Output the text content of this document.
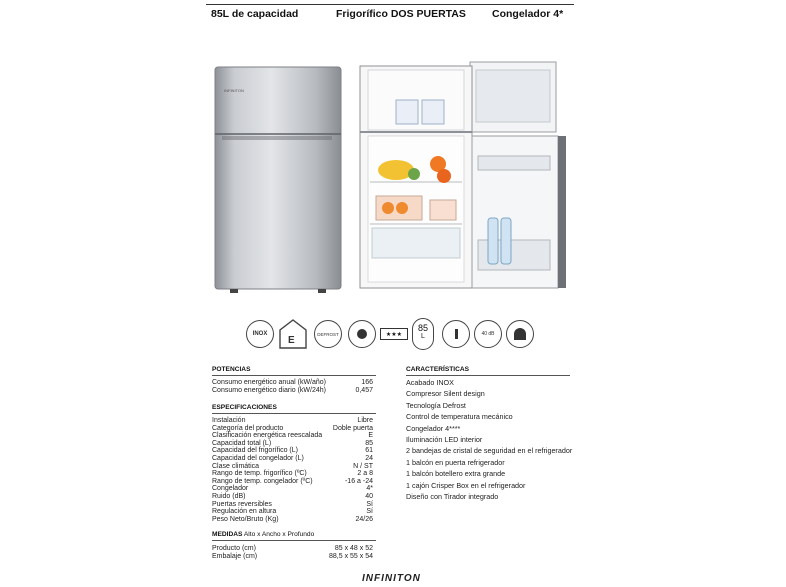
85L de capacidad	Frigorífico DOS PUERTAS Congelador 4*
INFINITON
INOX
E
DEFROST	★★★
85
L	40 dB
POTENCIAS
Consumo energético anual (kW/año)	166
Consumo energético diario (kW/24h)	0,457
ESPECIFICACIONES
Instalación	Libre
Categoría del producto	Doble puerta
Clasificación energética reescalada	E
Capacidad total (L)	85
Capacidad del frigorífico (L)	61
Capacidad del congelador (L)	24
Clase climática	N / ST
Rango de temp. frigorífico (ºC)	2 a 8
Rango de temp. congelador (ºC)	-16 a -24
Congelador	4*
Ruido (dB)	40
Puertas reversibles	Sí
Regulación en altura	Sí
Peso Neto/Bruto (Kg)	24/26
MEDIDAS Alto x Ancho x Profundo
Producto (cm)	85 x 48 x 52
Embalaje (cm)	88,5 x 55 x 54
CARACTERÍSTICAS
Acabado INOX
Compresor Silent design
Tecnología Defrost
Control de temperatura mecánico
Congelador 4****
Iluminación LED interior
2 bandejas de cristal de seguridad en el refrigerador
1 balcón en puerta refrigerador
1 balcón botellero extra grande
1 cajón Crisper Box en el refrigerador
Diseño con Tirador integrado
INFINITON
